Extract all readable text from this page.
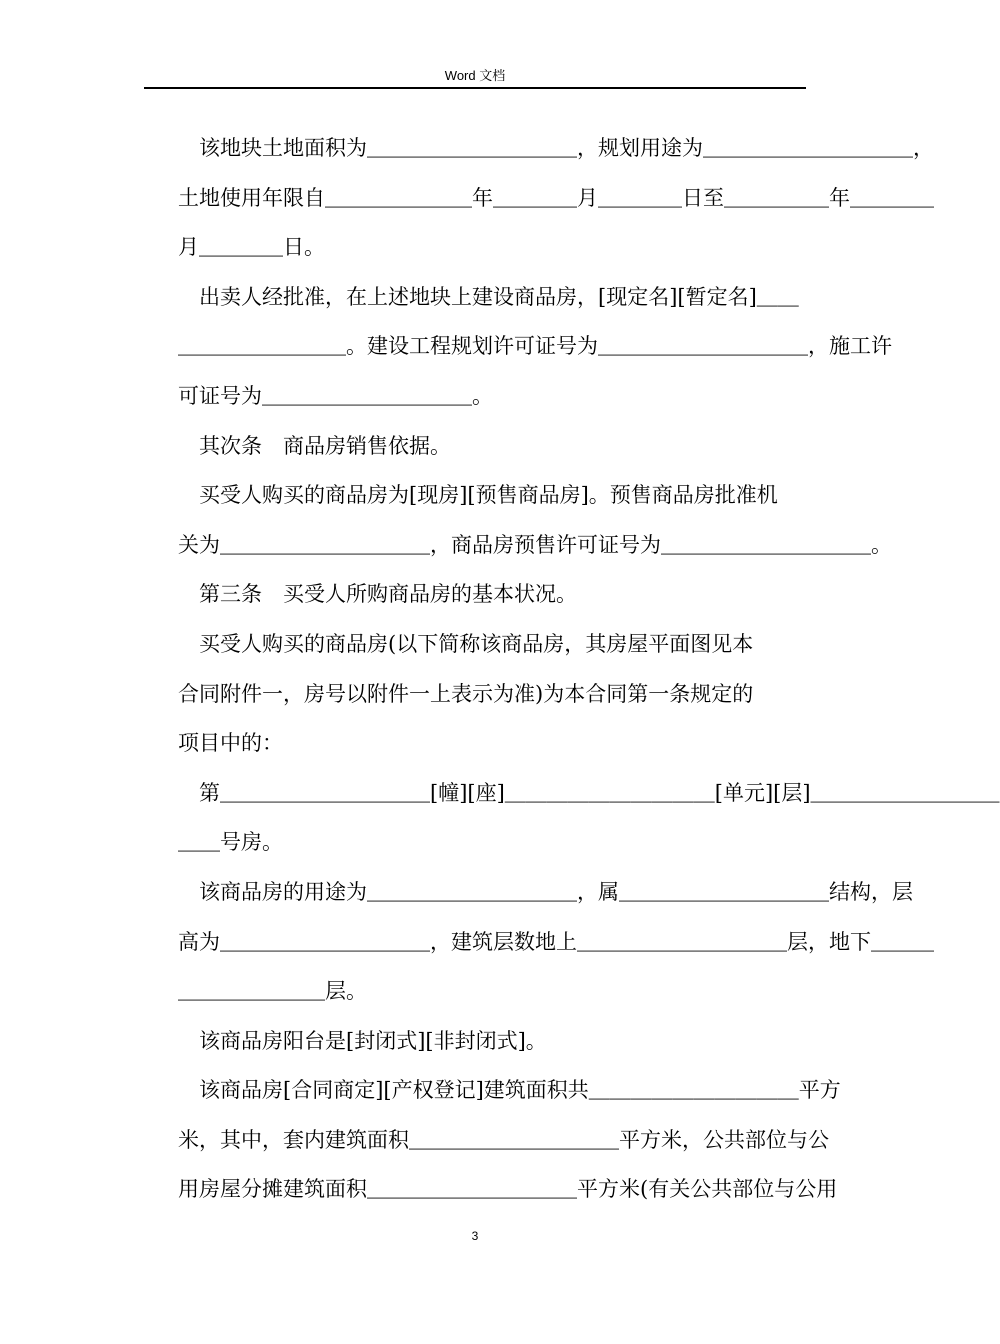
Word 文档
　该地块土地面积为＿＿＿＿＿＿＿＿＿＿，规划用途为＿＿＿＿＿＿＿＿＿＿，
土地使用年限自＿＿＿＿＿＿＿年＿＿＿＿月＿＿＿＿日至＿＿＿＿＿年＿＿＿＿
月＿＿＿＿日。
　出卖人经批准，在上述地块上建设商品房，[现定名][暂定名]＿＿
＿＿＿＿＿＿＿＿。建设工程规划许可证号为＿＿＿＿＿＿＿＿＿＿，施工许
可证号为＿＿＿＿＿＿＿＿＿＿。
　其次条　商品房销售依据。
　买受人购买的商品房为[现房][预售商品房]。预售商品房批准机
关为＿＿＿＿＿＿＿＿＿＿，商品房预售许可证号为＿＿＿＿＿＿＿＿＿＿。
　第三条　买受人所购商品房的基本状况。
　买受人购买的商品房(以下简称该商品房，其房屋平面图见本
合同附件一，房号以附件一上表示为准)为本合同第一条规定的
项目中的：
　第＿＿＿＿＿＿＿＿＿＿[幢][座]＿＿＿＿＿＿＿＿＿＿[单元][层]＿＿＿＿＿＿＿＿＿
＿＿号房。
　该商品房的用途为＿＿＿＿＿＿＿＿＿＿，属＿＿＿＿＿＿＿＿＿＿结构，层
高为＿＿＿＿＿＿＿＿＿＿，建筑层数地上＿＿＿＿＿＿＿＿＿＿层，地下＿＿＿
＿＿＿＿＿＿＿层。
　该商品房阳台是[封闭式][非封闭式]。
　该商品房[合同商定][产权登记]建筑面积共＿＿＿＿＿＿＿＿＿＿平方
米，其中，套内建筑面积＿＿＿＿＿＿＿＿＿＿平方米，公共部位与公
用房屋分摊建筑面积＿＿＿＿＿＿＿＿＿＿平方米(有关公共部位与公用
3
